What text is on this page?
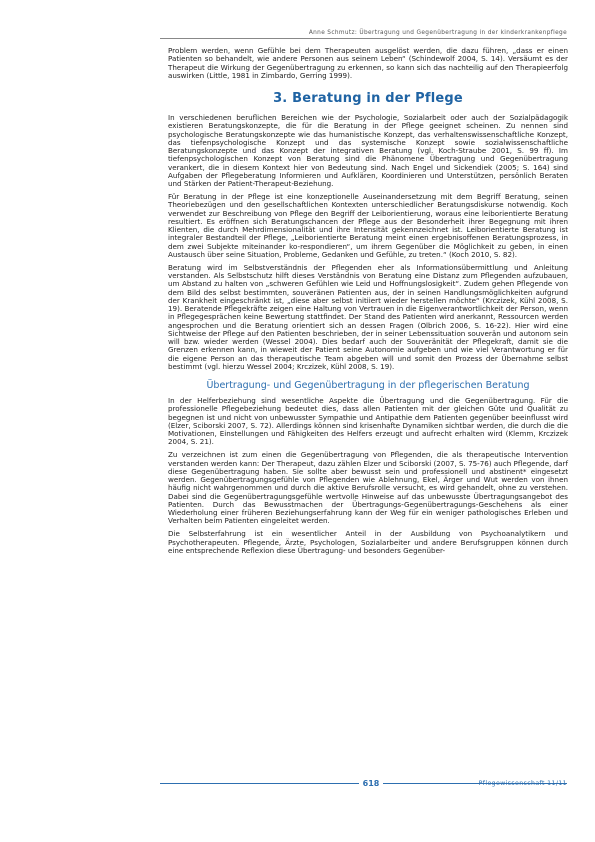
Anne Schmutz: Übertragung und Gegenübertragung in der kinderkrankenpflege

Problem werden, wenn Gefühle bei dem Therapeuten ausgelöst werden, die dazu führen, „dass er einen Patienten so behandelt, wie andere Personen aus seinem Leben“ (Schindewolf 2004, S. 14). Versäumt es der Therapeut die Wirkung der Gegenübertragung zu erkennen, so kann sich das nachteilig auf den Therapieerfolg auswirken (Little, 1981 in Zimbardo, Gerring 1999).

3. Beratung in der Pflege

In verschiedenen beruflichen Bereichen wie der Psychologie, Sozialarbeit oder auch der Sozialpädagogik existieren Beratungskonzepte, die für die Beratung in der Pflege geeignet scheinen. Zu nennen sind psychologische Beratungskonzepte wie das humanistische Konzept, das verhaltenswissenschaftliche Konzept, das tiefenpsychologische Konzept und das systemische Konzept sowie sozialwissenschaftliche Beratungskonzepte und das Konzept der integrativen Beratung (vgl. Koch-Straube 2001, S. 99 ff). Im tiefenpsychologischen Konzept von Beratung sind die Phänomene Übertragung und Gegenübertragung verankert, die in diesem Kontext hier von Bedeutung sind. Nach Engel und Sickendiek (2005; S. 164) sind Aufgaben der Pflegeberatung Informieren und Aufklären, Koordinieren und Unterstützen, persönlich Beraten und Stärken der Patient-Therapeut-Beziehung.

Für Beratung in der Pflege ist eine konzeptionelle Auseinandersetzung mit dem Begriff Beratung, seinen Theoriebezügen und den gesellschaftlichen Kontexten unterschiedlicher Beratungsdiskurse notwendig. Koch verwendet zur Beschreibung von Pflege den Begriff der Leiborientierung, woraus eine leiborientierte Beratung resultiert. Es eröffnen sich Beratungschancen der Pflege aus der Besonderheit ihrer Begegnung mit ihren Klienten, die durch Mehrdimensionalität und ihre Intensität gekennzeichnet ist. Leiborientierte Beratung ist integraler Bestandteil der Pflege, „Leiborientierte Beratung meint einen ergebnisoffenen Beratungsprozess, in dem zwei Subjekte miteinander ko-respondieren“, um ihrem Gegenüber die Möglichkeit zu geben, in einen Austausch über seine Situation, Probleme, Gedanken und Gefühle, zu treten.“ (Koch 2010, S. 82).

Beratung wird im Selbstverständnis der Pflegenden eher als Informationsübermittlung und Anleitung verstanden. Als Selbstschutz hilft dieses Verständnis von Beratung eine Distanz zum Pflegenden aufzubauen, um Abstand zu halten von „schweren Gefühlen wie Leid und Hoffnungslosigkeit“. Zudem gehen Pflegende von dem Bild des selbst bestimmten, souveränen Patienten aus, der in seinen Handlungsmöglichkeiten aufgrund der Krankheit eingeschränkt ist, „diese aber selbst initiiert wieder herstellen möchte“ (Krczizek, Kühl 2008, S. 19). Beratende Pflegekräfte zeigen eine Haltung von Vertrauen in die Eigenverantwortlichkeit der Person, wenn in Pflegegesprächen keine Bewertung stattfindet. Der Stand des Patienten wird anerkannt, Ressourcen werden angesprochen und die Beratung orientiert sich an dessen Fragen (Olbrich 2006, S. 16-22). Hier wird eine Sichtweise der Pflege auf den Patienten beschrieben, der in seiner Lebenssituation souverän und autonom sein will bzw. wieder werden (Wessel 2004). Dies bedarf auch der Souveränität der Pflegekraft, damit sie die Grenzen erkennen kann, in wieweit der Patient seine Autonomie aufgeben und wie viel Verantwortung er für die eigene Person an das therapeutische Team abgeben will und somit den Prozess der Übernahme selbst bestimmt (vgl. hierzu Wessel 2004; Krczizek, Kühl 2008, S. 19).

Übertragung- und Gegenübertragung in der pflegerischen Beratung

In der Helferbeziehung sind wesentliche Aspekte die Übertragung und die Gegenübertragung. Für die professionelle Pflegebeziehung bedeutet dies, dass allen Patienten mit der gleichen Güte und Qualität zu begegnen ist und nicht von unbewusster Sympathie und Antipathie dem Patienten gegenüber beeinflusst wird (Elzer, Sciborski 2007, S. 72). Allerdings können sind krisenhafte Dynamiken sichtbar werden, die durch die die Motivationen, Einstellungen und Fähigkeiten des Helfers erzeugt und aufrecht erhalten wird (Klemm, Krczizek 2004, S. 21).

Zu verzeichnen ist zum einen die Gegenübertragung von Pflegenden, die als therapeutische Intervention verstanden werden kann: Der Therapeut, dazu zählen Elzer und Sciborski (2007, S. 75-76) auch Pflegende, darf diese Gegenübertragung haben. Sie sollte aber bewusst sein und professionell und abstinent* eingesetzt werden. Gegenübertragungsgefühle von Pflegenden wie Ablehnung, Ekel, Ärger und Wut werden von ihnen häufig nicht wahrgenommen und durch die aktive Berufsrolle versucht, es wird gehandelt, ohne zu verstehen. Dabei sind die Gegenübertragungsgefühle wertvolle Hinweise auf das unbewusste Übertragungsangebot des Patienten. Durch das Bewusstmachen der Übertragungs-Gegenübertragungs-Geschehens als einer Wiederholung einer früheren Beziehungserfahrung kann der Weg für ein weniger pathologisches Erleben und Verhalten beim Patienten eingeleitet werden.

Die Selbsterfahrung ist ein wesentlicher Anteil in der Ausbildung von Psychoanalytikern und Psychotherapeuten. Pflegende, Ärzte, Psychologen, Sozialarbeiter und andere Berufsgruppen können durch eine entsprechende Reflexion diese Übertragung- und besonders Gegenüber-

618	Pflegewissenschaft 11/11
